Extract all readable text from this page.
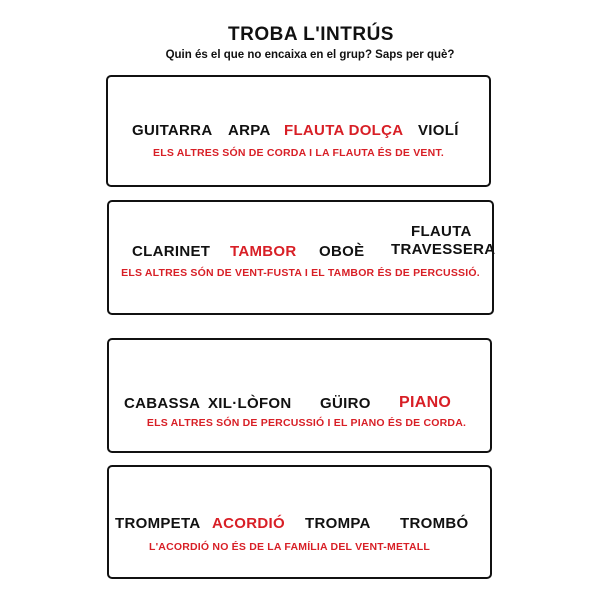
TROBA L'INTRÚS
Quin és el que no encaixa en el grup? Saps per què?
GUITARRA ARPA FLAUTA DOLÇA VIOLÍ
ELS ALTRES SÓN DE CORDA I LA FLAUTA ÉS DE VENT.
CLARINET TAMBOR OBOÈ
FLAUTA
TRAVESSERA
ELS ALTRES SÓN DE VENT-FUSTA I EL TAMBOR ÉS DE PERCUSSIÓ.
CABASSA XIL·LÒFON GÜIRO PIANO
ELS ALTRES SÓN DE PERCUSSIÓ I EL PIANO ÉS DE CORDA.
TROMPETA ACORDIÓ TROMPA TROMBÓ
L'ACORDIÓ NO ÉS DE LA FAMÍLIA DEL VENT-METALL
